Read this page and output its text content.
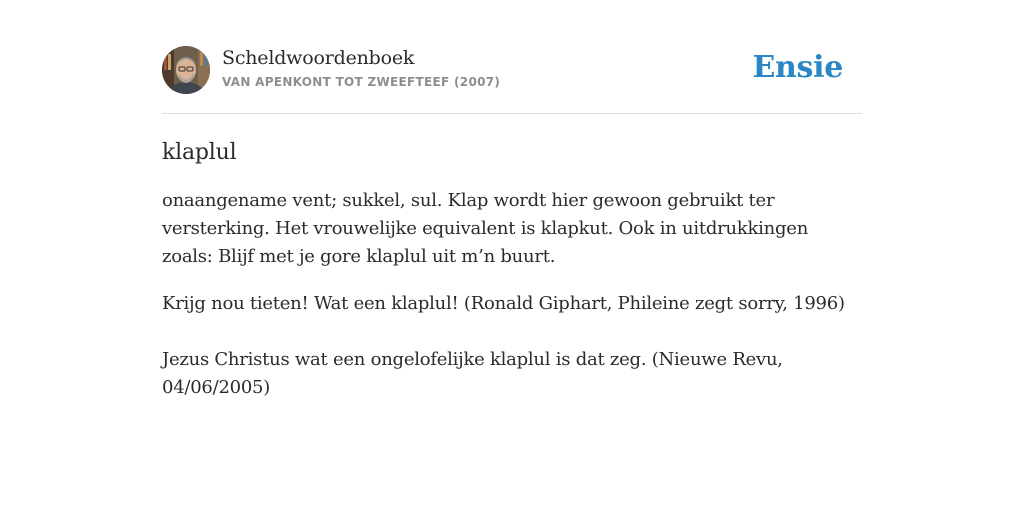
Scheldwoordenboek
VAN APENKONT TOT ZWEEFTEEF (2007)	Ensie
klaplul

onaangename vent; sukkel, sul. Klap wordt hier gewoon gebruikt ter versterking. Het vrouwelijke equivalent is klapkut. Ook in uitdrukkingen zoals: Blijf met je gore klaplul uit m’n buurt.

Krijg nou tieten! Wat een klaplul! (Ronald Giphart, Phileine zegt sorry, 1996)

Jezus Christus wat een ongelofelijke klaplul is dat zeg. (Nieuwe Revu, 04/06/2005)
